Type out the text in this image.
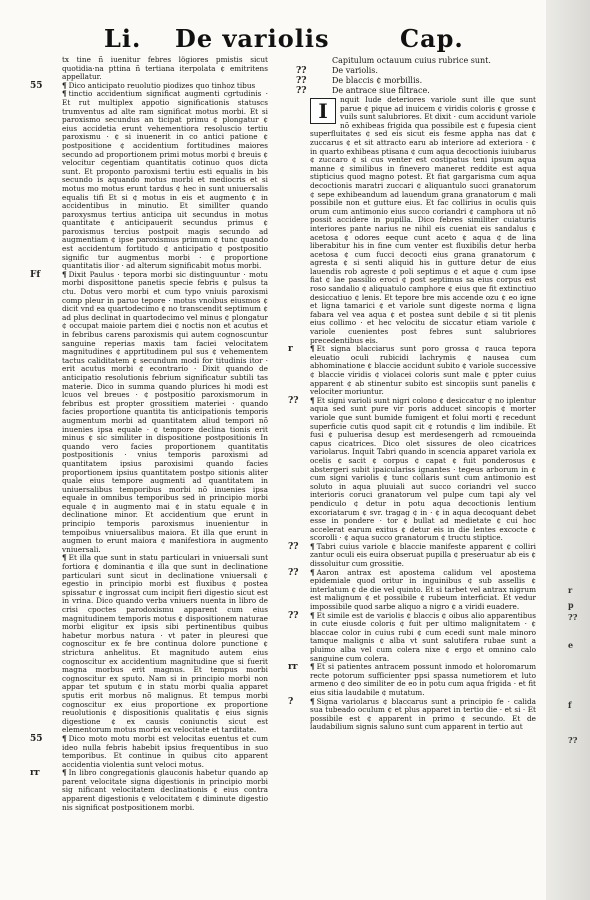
Li. De variolis	Cap.
tx tine ñ iuenitur febres lögiores pmistis sicut quotidia·na pttina ñ tertiana iterpolata ¢ emitritens appellatur.
55	¶ Dico anticipato reuolutio piodizes quo tinhoz tibus
¶ tinctio accidentium significat augmenti cgrtudinis · Et rut multiplex appotio significationis statuscs trumventus ad alte ram significat motus morbi. Et si paroxismo secundus an ticipat primu ¢ plongatur ¢ eius accidetia erunt vehementiora resoluscio tertiu paroxismu · ¢ si inuenerit in co antici patione ¢ postpositione ¢ accidentium fortitudines maiores secundo ad proportionem primi motus morbi ¢ breuis ¢ velocitur cegentiam quantitatis cotinuo quos dicta sunt. Et proponto paroxismi tertiu esti equalis in bis secundo is aquando motus morbi et mediocris et si motus mo motus erunt tardus ¢ hec in sunt uniuersalis equalis tifi Et si ¢ motus in eis et augmento ¢ in accidentibus in minutio. Et simillter quando paroxysmus tertius anticipa uit secundus in motus quantitate ¢ anticipauerit secundus primus ¢ paroxismus tercius postpoit magis secundo ad augmentiam ¢ ipse paroxismus primum ¢ tunc quando est accidentum fortitudo ¢ anticipatio ¢ postpositio signific tur augmentus morbi · ¢ proportione quantitatis ilior · ad alterum significabit motus morbi.
Ff	¶ Dixit Paulus · tepora morbi sic distinguuntur · motu morbi disposittone panetis specie febris ¢ pulsus ta ctu. Dotus vero morbi et cum typo vniuis paroxismi comp pleur in paruo tepore · motus vnoibus eiusmos ¢ dicit vnd ea quartodecimo ¢ no transcendit septimum ¢ ad plus declinat in quartodecimo vel minus ¢ plongatur ¢ occupat maioie partem diei ¢ noctis non et acutus et in febribus carens paroxismis qui autem cognoscuntur sanguine reperias maxis tam faciei velocitatem magnitudines ¢ apprtitudinem pul sus ¢ vehementem tactus caliditatem ¢ secundum modi for titudinis itor · erit acutus morbi ¢ econtrario · Dixit quando de anticipatio resolutionis febrium significatur subtili tas materie. Dico in summa quando plurices hi modi est lcuos vel breues · ¢ postpositio paroxismorum in febribus est propter grossitiem materiei · quando facies proportione quantita tis anticipationis temporis augmentum morbi ad quantitatem aliud tempori nõ inuenies ipsa equale · ¢ tempore declina tionis erit minus ¢ sic similiter in dispositione postpositionis In quando vero facies proportionem quantitatis postpositionis · vnius temporis paroxismi ad quantitatem ipsius paroxisimi quando facies proportionem ipsius quantitatem postpo sitionis aliter quale eius tempore augmenti ad quantitatem in uniuersalibus temporibus morbi nõ inuenies ipsa equale in omnibus temporibus sed in principio morbi equale ¢ in augmento mai ¢ in statu equale ¢ in declinatione minor. Et accidentium que erunt in principio temporis paroxismus inuenientur in tempoibus vniuersalibus maiora. Et illa que erunt in augmen to erunt maiora ¢ manifestiora in augmento vniuersali.
¶ Et illa que sunt in statu particulari in vniuersali sunt fortiora ¢ dominantia ¢ illa que sunt in declinatione particulari sunt sicut in declinatione vniuersali ¢ egestio in principio morbi est fluxibus ¢ postea spissatur ¢ ingrossat cum incipit fieri digestio sicut est in vrina. Dico quando verba vniuers nuenta in libro de crisi cpoctes parodoxismu apparent cum eius magnitudinem temporis motus ¢ dispositionem naturae morbi eligitur ex ipsis sibi pertinentibus quibus habetur morbus natura · vt pater in pleuresi que cognoscitur ex fe bre continua dolore punctione ¢ strictura anhelitus. Et magnitudo autem eius cognoscitur ex accidentium magnitudine que si fuerit magna morbus erit magnus. Et tempus morbi cognoscitur ex sputo. Nam si in principio morbi non appar tet sputum ¢ in statu morbi qualia apparet sputis erit morbus nõ malignus. Et tempus morbi cognoscitur ex eius proportione ex proportione reuolutionis ¢ dispositionis qualitatis ¢ eius signis digestione ¢ ex causis coniunctis sicut est elementorum motus morbi ex velocitate et tarditate.
55	¶ Dico moto motu morbi est velocitas euentus et cum ideo nulla febris habebit ipsius frequentibus in suo temporibus. Et continue in quibus cito apparent accidentia violentia sunt veloci motus.
rr	¶ In libro congregationis glauconis habetur quando ap parent velocitate signa digestionis in principio morbi sig nificant velocitatem declinationis ¢ eius contra apparent digestionis ¢ velocitatem ¢ diminute digestio nis significat postpositionem morbi.
Capitulum octauum cuius rubrice sunt.
??	De variolis.
??	De blaccis ¢ morbillis.
??	De antrace siue filtrace.
I	nquit Iude deteriores variole sunt ille que sunt parue ¢ pique ad inuicem ¢ viridis coloris ¢ grosse ¢ vuils sunt salubriores. Et dixit · cum accidunt variole nõ exhibeas frigida qua possibile est ¢ fupesia cient superfluitates ¢ sed eis sicut eis fesme appha nas dat ¢ zuccarus ¢ et sit attracto earu ab interiore ad exteriora · ¢ in quarto exhibeas ptisana ¢ cum aqua decoctionis iuiubarus ¢ zuccaro ¢ si cus venter est costipatus teni ipsum aqua manne ¢ similibus in finevero maneret reddite est aqua stipticius quod magno potest. Et fiat gargarisma cum aqua decoctionis maratri zuccari ¢ aliquantulo succi granatorum ¢ sepe exhibeandum ad lauendum grana granatorum ¢ mali possibile non et gutture eius. Et fac collirius in oculis quis orum cum antimonio eius succo coriandri ¢ camphora ut nõ possit accidere in pupilla. Dico febres similiter cuiaturis interiores pante narius ne nihil eis cueniat eis sandalus ¢ acetosa ¢ odores eeque cunt aceto ¢ aqua ¢ de lina liberabitur his in fine cum venter est fluxibilis detur herba acetosa ¢ cum fucci decocti eius grana granatorum ¢ agresta ¢ si senti aliquid his in gutture detur de eius lauendis rob agreste ¢ poli septimus ¢ et aque ¢ cum ipse fiat ¢ lae passilio eroci ¢ post septimus sa eius corpus est roso sandalio ¢ aliquatulo camphore ¢ eius que fit extinctiuo desiccatiuo ¢ lenis. Et tepore bre mis accende ozu ¢ eo igne et ligna tamarici ¢ et variole sunt digeste norma ¢ ligna fabara vel vea aqua ¢ et postea sunt debile ¢ si tit plenis eius collimo · et hec velocitu de siccatur etiam variole ¢ variole cuenientes post febres sunt salubriores precedentibus eis.
r ¶ Et signa blacciarus sunt poro grossa ¢ rauca tepora eleuatio oculi rubicidi lachrymis ¢ nausea cum abhominatione ¢ blaccie accidunt subito ¢ variole successive ¢ blaccie viridis ¢ violacei coloris sunt male ¢ ppter cuius apparent ¢ ab stinentur subito est sincopiis sunt panelis ¢ velociter moriuntur.
?? ¶ Et signi varioli sunt nigri colono ¢ desiccatur ¢ no iplentur aqua sed sunt pure vir poris adducet sincopis ¢ morter variole que sunt bumide fumigent et folui morti ¢ recedunt superficie cutis quod sapit cit ¢ rotundis ¢ lim indibile. Et fusi ¢ puluerisa desup est merdesengerh ad rcmoueinda capus cicatrices. Dico olet sissures de oleo cicatrices variolarus. Inquit Tabri quando in scencia apparet variola ex ocelis ¢ sacit ¢ corpus ¢ capat ¢ fuit ponderosus ¢ abstergeri subit ipaiculariss ignantes · tegeus arborum in ¢ cum signi variolis ¢ tunc collaris sunt cum antimonio est soluto in aqua pluuiali aut succo coriandri vel succo interioris coruci granatorum vel pulpe cum tapi aly vel pendiculo ¢ detur in potu aqua decoctionis lentium excoriatarum ¢ svr. tragag ¢ in · ¢ in aqua decoquant debet esse in pondere · tor ¢ bullat ad medietate ¢ cui hoc accelerat earum exitus ¢ detur eis in die lentes excocte ¢ scorolli · ¢ aqua succo granatorum ¢ tructu stiptice.
?? ¶ Tabri cuius variole ¢ blaccie manifeste apparent ¢ colliri zantur oculi eis euira obseruat pupilla ¢ preseruatur ab eis ¢ dissoluitur cum grossitie.
?? ¶ Aaron antrax est apostema calidum vel apostema epidemiale quod oritur in inguinibus ¢ sub assellis ¢ interlatum ¢ de die vel quinto. Et si tarbet vel antrax nigrum est malignum ¢ et possibile ¢ rubeum interficiat. Et vedur impossibile quod sarbe aliquo a nigro ¢ a viridi euadere.
?? ¶ Et simile est de variolis ¢ blaccis ¢ oibus alio apparentibus in cute eiusde coloris ¢ fuit per ultimo malignitatem · ¢ blaccae color in cuius rubi ¢ cum ecedi sunt male minoro tamque malignis ¢ alba vt sunt salutifera rubae sunt a pluimo alba vel cum colera nixe ¢ ergo et omnino calo sanguine cum colera.
rr ¶ Et si patientes antracem possunt inmodo et holoromarum recte potorum sufficienter ppsi spassa numetiorem et luto armeno ¢ deo similiter de eo in potu cum aqua frigida · et fit eius sitia laudabile ¢ mutatum.
? ¶ Signa variolarus ¢ blaccarus sunt a principio fe · calida sua tubeado oculum ¢ et plus apparet in tertio die · et si · Et possibile est ¢ apparent in primo ¢ secundo. Et de laudabilium signis saluno sunt cum apparent in tertio aut
r
p
??
e
f
??
